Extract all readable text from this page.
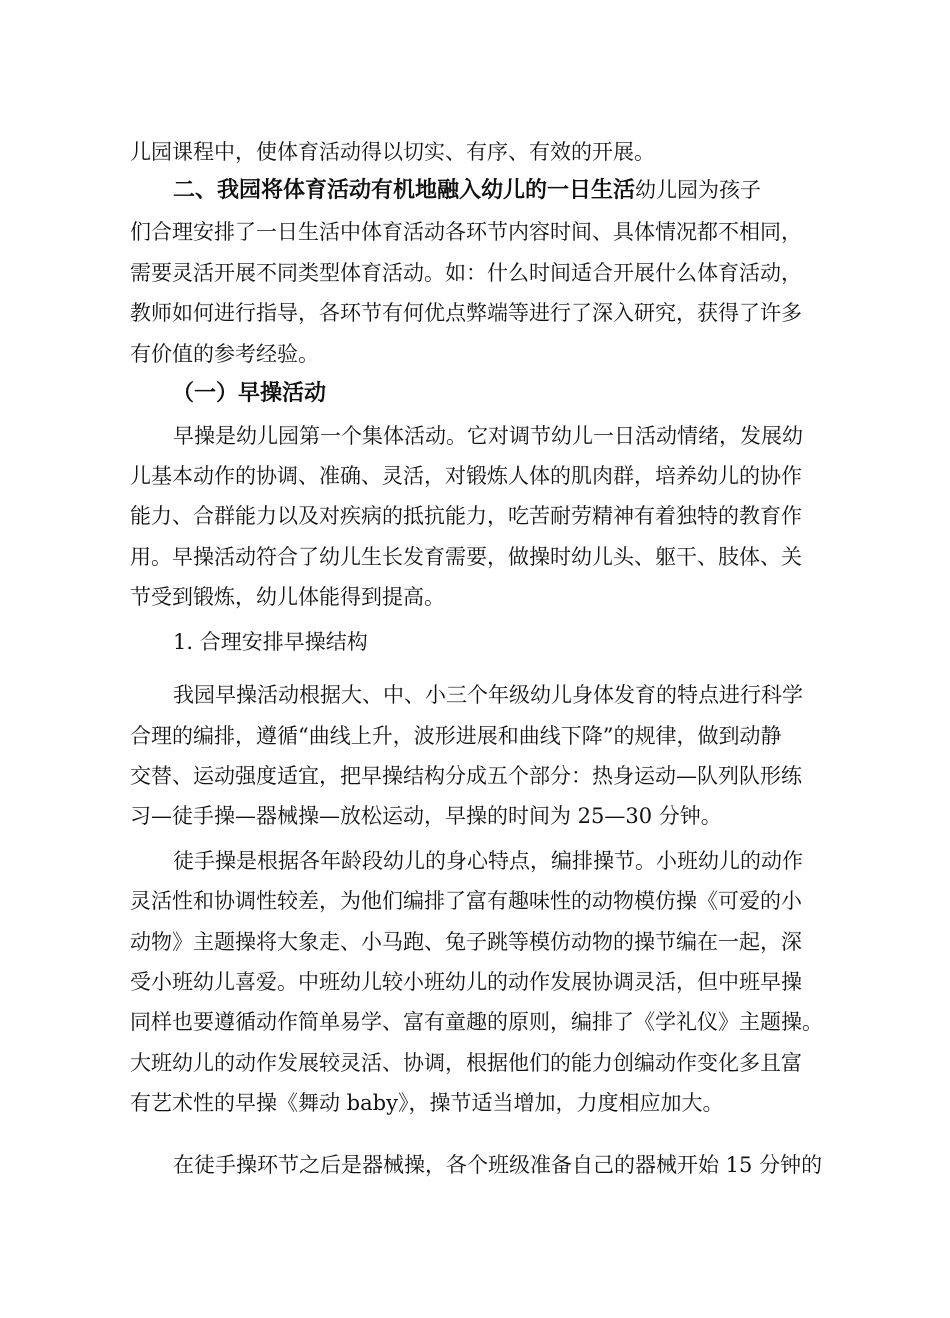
儿园课程中，使体育活动得以切实、有序、有效的开展。
二、我园将体育活动有机地融入幼儿的一日生活幼儿园为孩子
们合理安排了一日生活中体育活动各环节内容时间、具体情况都不相同，
需要灵活开展不同类型体育活动。如：什么时间适合开展什么体育活动，
教师如何进行指导，各环节有何优点弊端等进行了深入研究，获得了许多
有价值的参考经验。
（一）早操活动
早操是幼儿园第一个集体活动。它对调节幼儿一日活动情绪，发展幼
儿基本动作的协调、准确、灵活，对锻炼人体的肌肉群，培养幼儿的协作
能力、合群能力以及对疾病的抵抗能力，吃苦耐劳精神有着独特的教育作
用。早操活动符合了幼儿生长发育需要，做操时幼儿头、躯干、肢体、关
节受到锻炼，幼儿体能得到提高。
1. 合理安排早操结构
我园早操活动根据大、中、小三个年级幼儿身体发育的特点进行科学
合理的编排，遵循“曲线上升，波形进展和曲线下降”的规律，做到动静
交替、运动强度适宜，把早操结构分成五个部分：热身运动—队列队形练
习—徒手操—器械操—放松运动，早操的时间为 25—30 分钟。
徒手操是根据各年龄段幼儿的身心特点，编排操节。小班幼儿的动作
灵活性和协调性较差，为他们编排了富有趣味性的动物模仿操《可爱的小
动物》主题操将大象走、小马跑、兔子跳等模仿动物的操节编在一起，深
受小班幼儿喜爱。中班幼儿较小班幼儿的动作发展协调灵活，但中班早操
同样也要遵循动作简单易学、富有童趣的原则，编排了《学礼仪》主题操。
大班幼儿的动作发展较灵活、协调，根据他们的能力创编动作变化多且富
有艺术性的早操《舞动 baby》，操节适当增加，力度相应加大。
在徒手操环节之后是器械操，各个班级准备自己的器械开始 15 分钟的
